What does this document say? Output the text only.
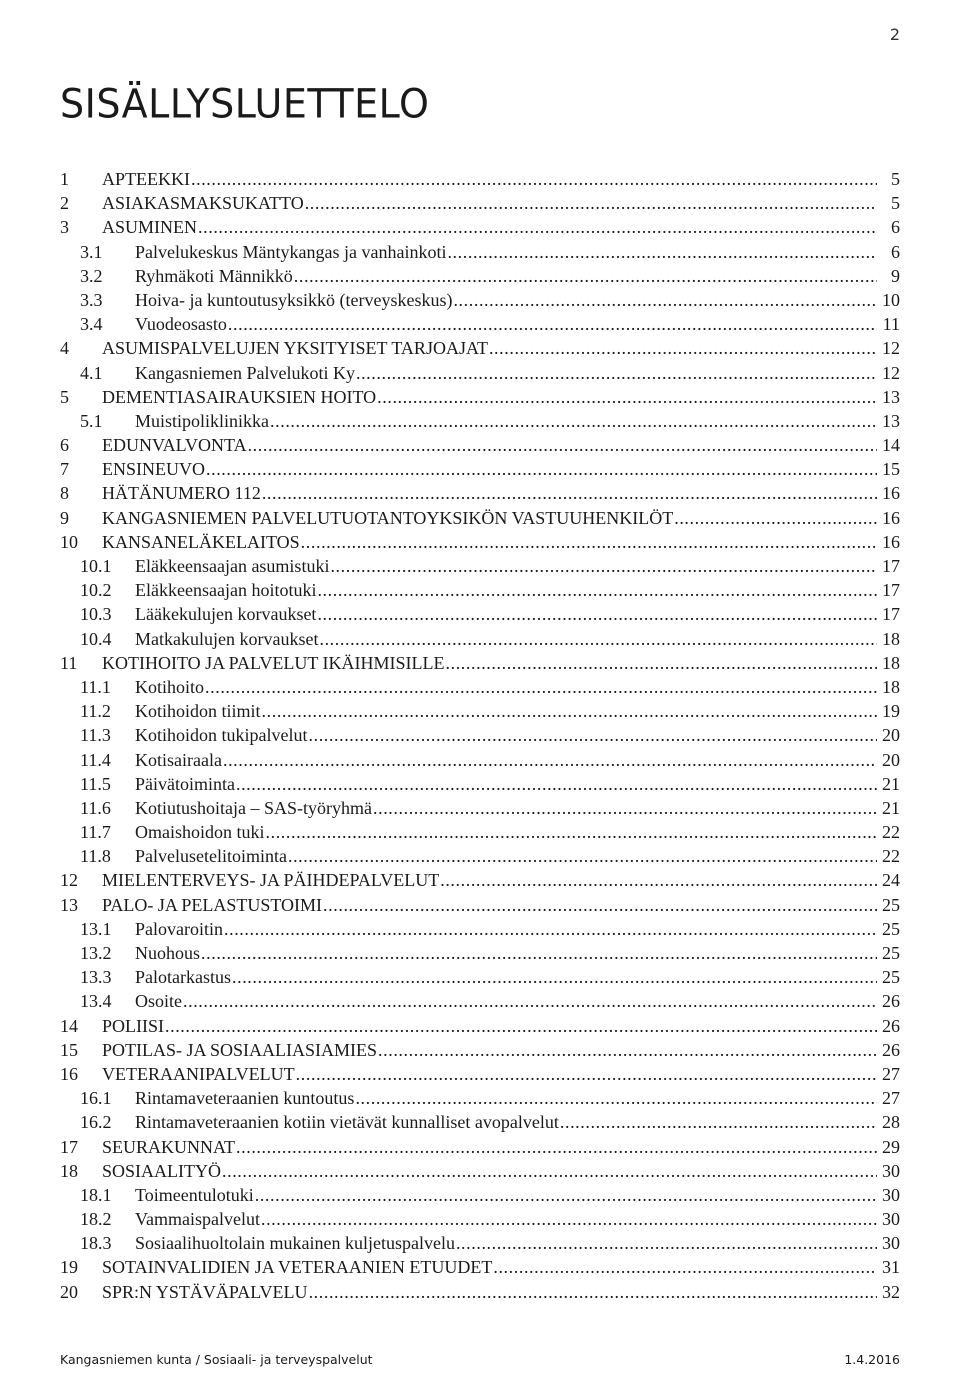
2
SISÄLLYSLUETTELO
1	APTEEKKI .....	5
2	ASIAKASMAKSUKATTO .....	5
3	ASUMINEN .....	6
3.1	Palvelukeskus Mäntykangas ja vanhainkoti .....	6
3.2	Ryhmäkoti Männikkö .....	9
3.3	Hoiva- ja kuntoutusyksikkö (terveyskeskus) .....	10
3.4	Vuodeosasto .....	11
4	ASUMISPALVELUJEN YKSITYISET TARJOAJAT .....	12
4.1	Kangasniemen Palvelukoti Ky .....	12
5	DEMENTIASAIRAUKSIEN HOITO .....	13
5.1	Muistipoliklinikka .....	13
6	EDUNVALVONTA .....	14
7	ENSINEUVO .....	15
8	HÄTÄNUMERO 112 .....	16
9	KANGASNIEMEN PALVELUTUOTANTOYKSIKÖN VASTUUHENKILÖT .....	16
10	KANSANELÄKELAITOS .....	16
10.1	Eläkkeensaajan asumistuki .....	17
10.2	Eläkkeensaajan hoitotuki .....	17
10.3	Lääkekulujen korvaukset .....	17
10.4	Matkakulujen korvaukset .....	18
11	KOTIHOITO JA PALVELUT IKÄIHMISILLE .....	18
11.1	Kotihoito .....	18
11.2	Kotihoidon tiimit .....	19
11.3	Kotihoidon tukipalvelut .....	20
11.4	Kotisairaala .....	20
11.5	Päivätoiminta .....	21
11.6	Kotiutushoitaja – SAS-työryhmä .....	21
11.7	Omaishoidon tuki .....	22
11.8	Palvelusetelitoiminta .....	22
12	MIELENTERVEYS- JA PÄIHDEPALVELUT .....	24
13	PALO- JA PELASTUSTOIMI .....	25
13.1	Palovaroitin .....	25
13.2	Nuohous .....	25
13.3	Palotarkastus .....	25
13.4	Osoite .....	26
14	POLIISI .....	26
15	POTILAS- JA SOSIAALIASIAMIES .....	26
16	VETERAANIPALVELUT .....	27
16.1	Rintamaveteraanien kuntoutus .....	27
16.2	Rintamaveteraanien kotiin vietävät kunnalliset avopalvelut .....	28
17	SEURAKUNNAT .....	29
18	SOSIAALITYÖ .....	30
18.1	Toimeentulotuki .....	30
18.2	Vammaispalvelut .....	30
18.3	Sosiaalihuoltolain mukainen kuljetuspalvelu .....	30
19	SOTAINVALIDIEN JA VETERAANIEN ETUUDET .....	31
20	SPR:N YSTÄVÄPALVELU .....	32
Kangasniemen kunta / Sosiaali- ja terveyspalvelut	1.4.2016
